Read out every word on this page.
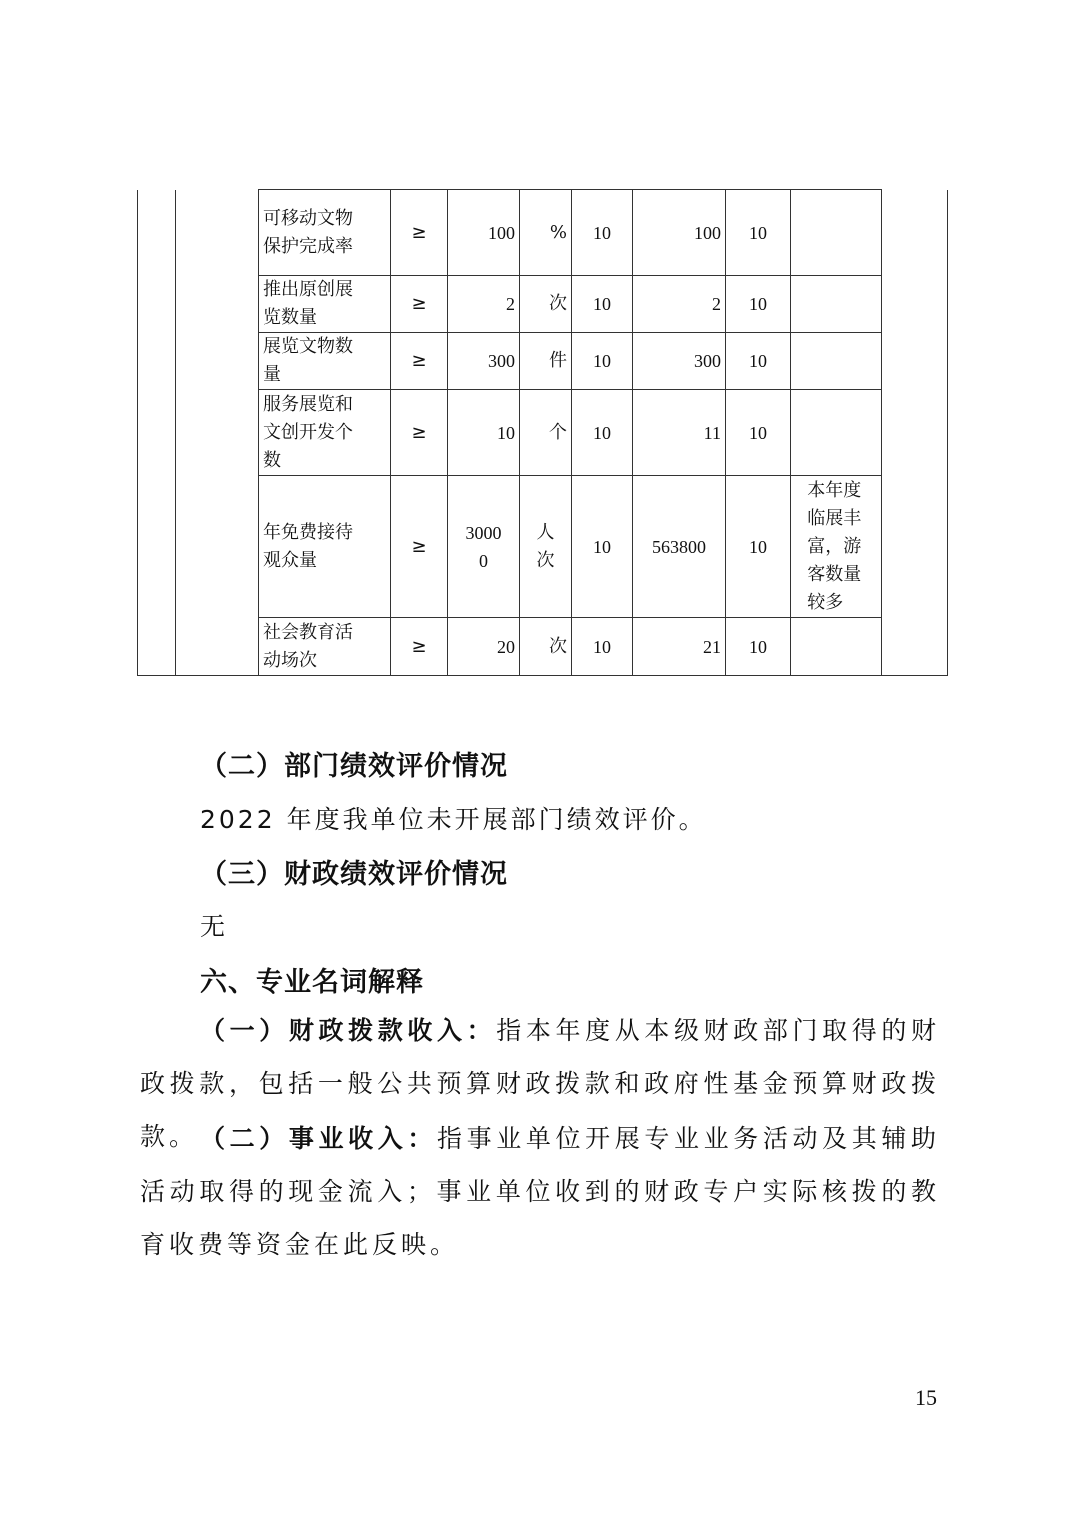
		可移动文物保护完成率	≥	100	%	10	100	10	

		推出原创展览数量	≥	2	次	10	2	10	

		展览文物数量	≥	300	件	10	300	10	

		服务展览和文创开发个数	≥	10	个	10	11	10	

		年免费接待观众量	≥	30000	人次	10	563800	10	本年度临展丰富，游客数量较多	

		社会教育活动场次	≥	20	次	10	21	10	

（二）部门绩效评价情况
2022 年度我单位未开展部门绩效评价。
（三）财政绩效评价情况
无
六、专业名词解释
（一）财政拨款收入：指本年度从本级财政部门取得的财政拨款，包括一般公共预算财政拨款和政府性基金预算财政拨款。 （二）事业收入：指事业单位开展专业业务活动及其辅助活动取得的现金流入；事业单位收到的财政专户实际核拨的教育收费等资金在此反映。
15
